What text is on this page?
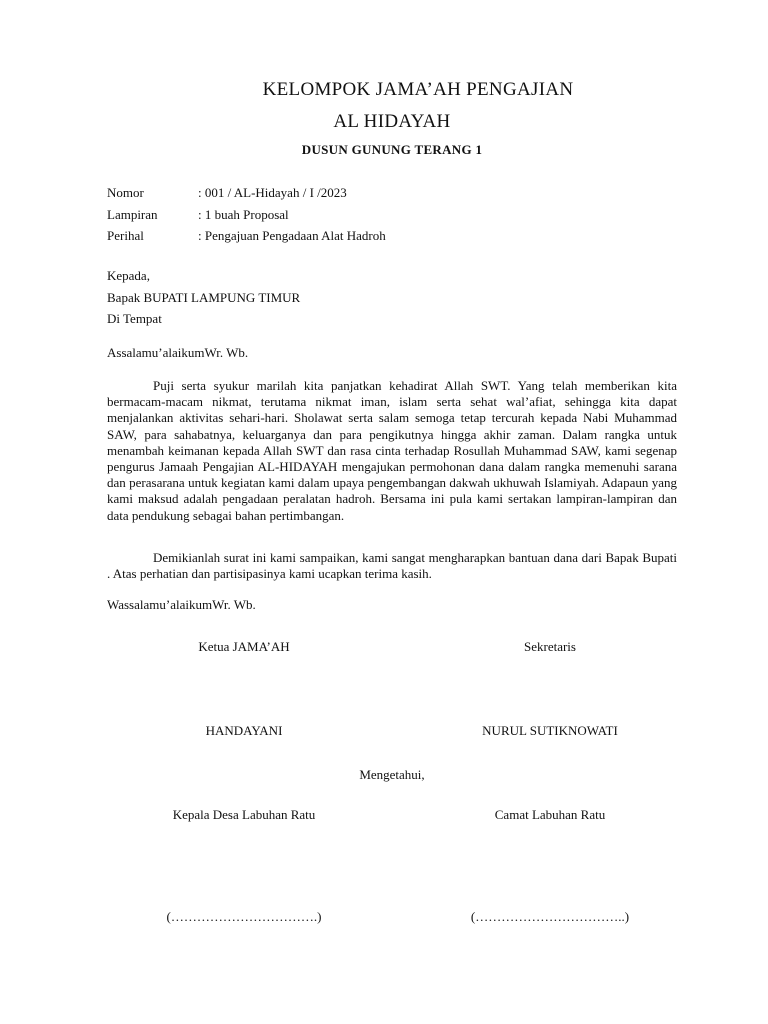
KELOMPOK JAMA’AH PENGAJIAN
AL HIDAYAH
DUSUN GUNUNG TERANG 1
Nomor	: 001 / AL-Hidayah / I /2023
Lampiran	: 1 buah Proposal
Perihal	: Pengajuan Pengadaan Alat Hadroh
Kepada,
Bapak BUPATI LAMPUNG TIMUR
Di Tempat
Assalamu’alaikumWr. Wb.
Puji serta syukur marilah kita panjatkan kehadirat Allah SWT. Yang telah memberikan kita bermacam-macam nikmat, terutama nikmat iman, islam serta sehat wal’afiat, sehingga kita dapat menjalankan aktivitas sehari-hari. Sholawat serta salam semoga tetap tercurah kepada Nabi Muhammad SAW, para sahabatnya, keluarganya dan para pengikutnya hingga akhir zaman. Dalam rangka untuk menambah keimanan kepada Allah SWT dan rasa cinta terhadap Rosullah Muhammad SAW, kami segenap pengurus Jamaah Pengajian AL-HIDAYAH mengajukan permohonan dana dalam rangka memenuhi sarana dan perasarana untuk kegiatan kami dalam upaya pengembangan dakwah ukhuwah Islamiyah. Adapaun yang kami maksud adalah pengadaan peralatan hadroh. Bersama ini pula kami sertakan lampiran-lampiran dan data pendukung sebagai bahan pertimbangan.
Demikianlah surat ini kami sampaikan, kami sangat mengharapkan bantuan dana dari Bapak Bupati . Atas perhatian dan partisipasinya kami ucapkan terima kasih.
Wassalamu’alaikumWr. Wb.
Ketua JAMA’AH	Sekretaris
HANDAYANI	NURUL SUTIKNOWATI
Mengetahui,
Kepala Desa Labuhan Ratu	Camat Labuhan Ratu
(…………………………….)	(……………………………..)
